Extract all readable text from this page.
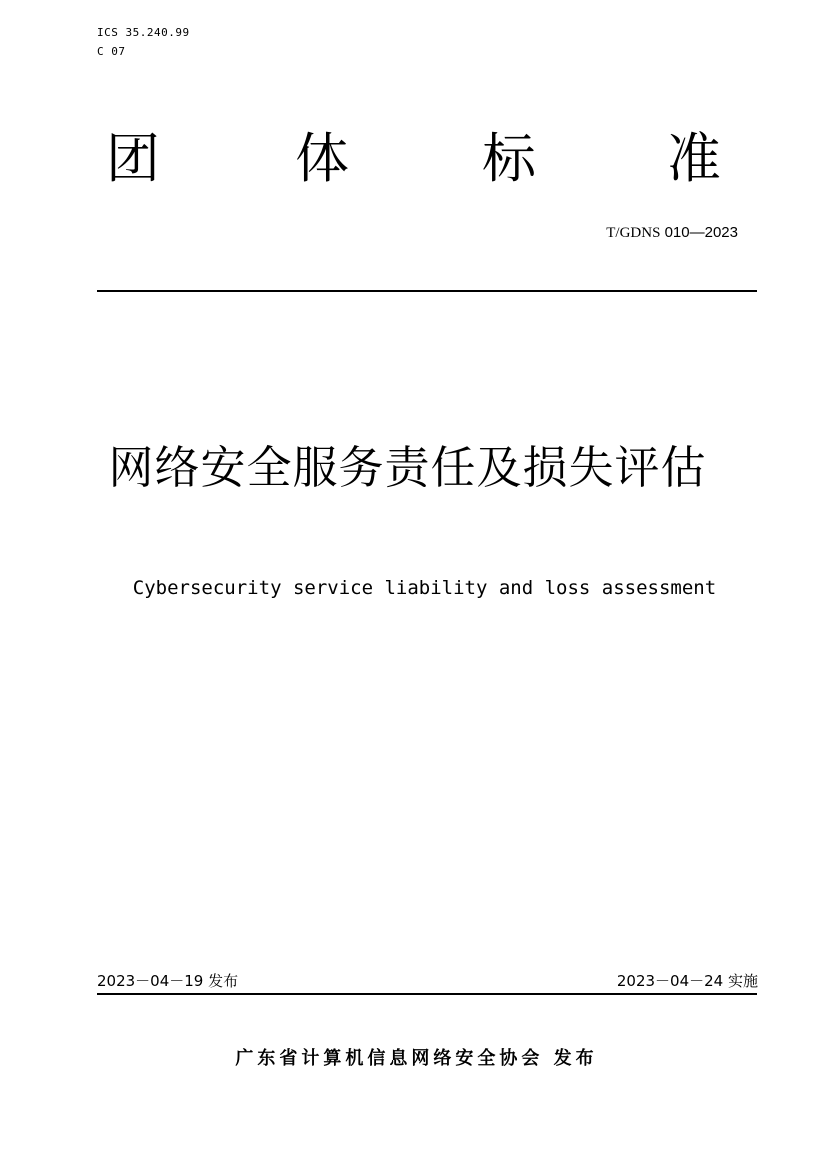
ICS 35.240.99
C 07
团	体 标 准
T/GDNS 010—2023
网络安全服务责任及损失评估
Cybersecurity service liability and loss assessment
2023－04－19 发布	2023－04－24 实施
广东省计算机信息网络安全协会 发布
